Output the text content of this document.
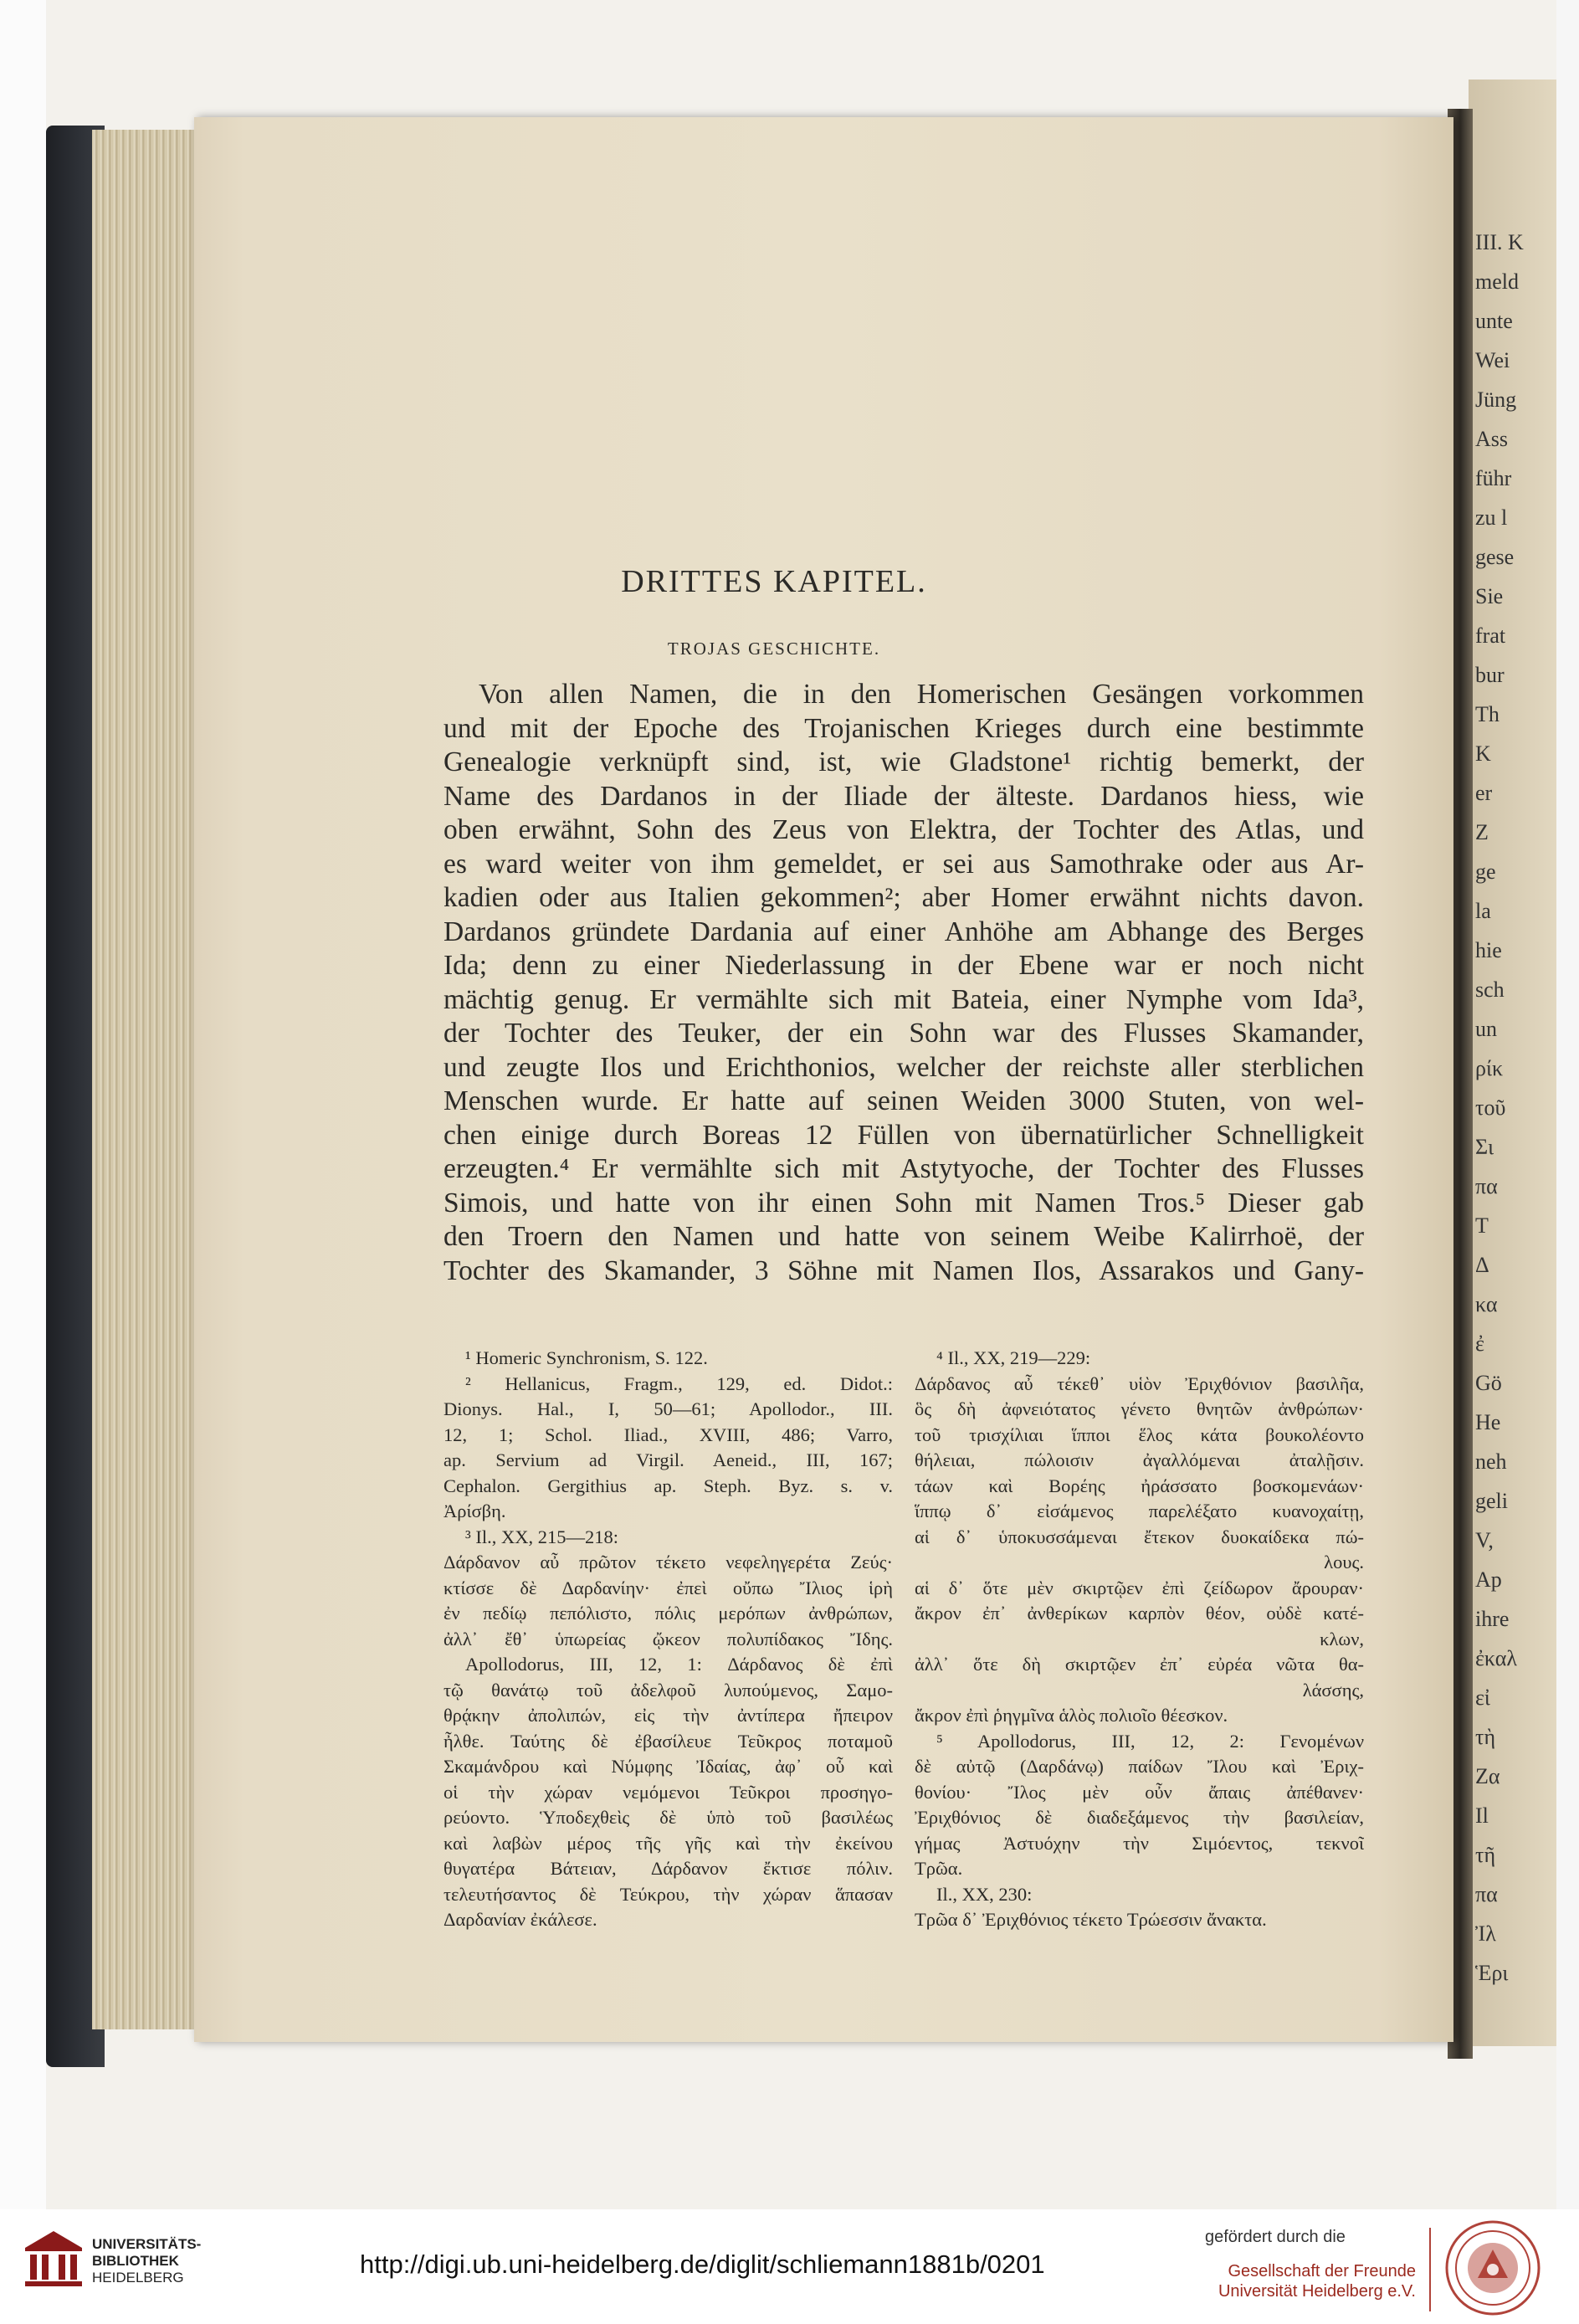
III. K
meld
unte
Wei
Jüng
Ass
führ
zu l
gese
Sie
frat
bur
Th
K
er
Z
ge
la
hie
sch
un
ρίκ
τοῦ
Σι
πα
Τ
Δ
κα
ἐ
Gö
He
neh
geli
V,
Ap
ihre
ἐκαλ
εἰ
τὴ
Zα
Il
τῆ
πα
Ἰλ
Ἑρι
DRITTES KAPITEL.
TROJAS GESCHICHTE.
Von allen Namen, die in den Homerischen Gesängen vorkommen
und mit der Epoche des Trojanischen Krieges durch eine bestimmte
Genealogie verknüpft sind, ist, wie Gladstone¹ richtig bemerkt, der
Name des Dardanos in der Iliade der älteste. Dardanos hiess, wie
oben erwähnt, Sohn des Zeus von Elektra, der Tochter des Atlas, und
es ward weiter von ihm gemeldet, er sei aus Samothrake oder aus Ar-
kadien oder aus Italien gekommen²; aber Homer erwähnt nichts davon.
Dardanos gründete Dardania auf einer Anhöhe am Abhange des Berges
Ida; denn zu einer Niederlassung in der Ebene war er noch nicht
mächtig genug. Er vermählte sich mit Bateia, einer Nymphe vom Ida³,
der Tochter des Teuker, der ein Sohn war des Flusses Skamander,
und zeugte Ilos und Erichthonios, welcher der reichste aller sterblichen
Menschen wurde. Er hatte auf seinen Weiden 3000 Stuten, von wel-
chen einige durch Boreas 12 Füllen von übernatürlicher Schnelligkeit
erzeugten.⁴ Er vermählte sich mit Astytyoche, der Tochter des Flusses
Simois, und hatte von ihr einen Sohn mit Namen Tros.⁵ Dieser gab
den Troern den Namen und hatte von seinem Weibe Kalirrhoë, der
Tochter des Skamander, 3 Söhne mit Namen Ilos, Assarakos und Gany-
¹ Homeric Synchronism, S. 122.
² Hellanicus, Fragm., 129, ed. Didot.:
Dionys. Hal., I, 50—61; Apollodor., III.
12, 1; Schol. Iliad., XVIII, 486; Varro,
ap. Servium ad Virgil. Aeneid., III, 167;
Cephalon. Gergithius ap. Steph. Byz. s. v.
Ἀρίσβη.
³ Il., XX, 215—218:
Δάρδανον αὖ πρῶτον τέκετο νεφεληγερέτα Ζεύς·
κτίσσε δὲ Δαρδανίην· ἐπεὶ οὔπω Ἴλιος ἱρὴ
ἐν πεδίῳ πεπόλιστο, πόλις μερόπων ἀνθρώπων,
ἀλλ᾽ ἔθ᾽ ὑπωρείας ᾤκεον πολυπίδακος Ἴδης.
Apollodorus, III, 12, 1: Δάρδανος δὲ ἐπὶ
τῷ θανάτῳ τοῦ ἀδελφοῦ λυπούμενος, Σαμο-
θρᾴκην ἀπολιπών, εἰς τὴν ἀντίπερα ἤπειρον
ἦλθε. Ταύτης δὲ ἐβασίλευε Τεῦκρος ποταμοῦ
Σκαμάνδρου καὶ Νύμφης Ἰδαίας, ἀφ᾽ οὗ καὶ
οἱ τὴν χώραν νεμόμενοι Τεῦκροι προσηγο-
ρεύοντο. Ὑποδεχθεὶς δὲ ὑπὸ τοῦ βασιλέως
καὶ λαβὼν μέρος τῆς γῆς καὶ τὴν ἐκείνου
θυγατέρα Βάτειαν, Δάρδανον ἔκτισε πόλιν.
τελευτήσαντος δὲ Τεύκρου, τὴν χώραν ἅπασαν
Δαρδανίαν ἐκάλεσε.
⁴ Il., XX, 219—229:
Δάρδανος αὖ τέκεθ᾽ υἱὸν Ἐριχθόνιον βασιλῆα,
ὃς δὴ ἀφνειότατος γένετο θνητῶν ἀνθρώπων·
τοῦ τρισχίλιαι ἵπποι ἕλος κάτα βουκολέοντο
θήλειαι, πώλοισιν ἀγαλλόμεναι ἀταλῇσιν.
τάων καὶ Βορέης ἠράσσατο βοσκομενάων·
ἵππῳ δ᾽ εἰσάμενος παρελέξατο κυανοχαίτῃ,
αἱ δ᾽ ὑποκυσσάμεναι ἔτεκον δυοκαίδεκα πώ-
λους.
αἱ δ᾽ ὅτε μὲν σκιρτῷεν ἐπὶ ζείδωρον ἄρουραν·
ἄκρον ἐπ᾽ ἀνθερίκων καρπὸν θέον, οὐδὲ κατέ-
κλων,
ἀλλ᾽ ὅτε δὴ σκιρτῷεν ἐπ᾽ εὐρέα νῶτα θα-
λάσσης,
ἄκρον ἐπὶ ῥηγμῖνα ἁλὸς πολιοῖο θέεσκον.
⁵ Apollodorus, III, 12, 2: Γενομένων
δὲ αὐτῷ (Δαρδάνῳ) παίδων Ἴλου καὶ Ἐριχ-
θονίου· Ἴλος μὲν οὖν ἄπαις ἀπέθανεν·
Ἐριχθόνιος δὲ διαδεξάμενος τὴν βασιλείαν,
γήμας Ἀστυόχην τὴν Σιμόεντος, τεκνοῖ
Τρῶα.
Il., XX, 230:
Τρῶα δ᾽ Ἐριχθόνιος τέκετο Τρώεσσιν ἄνακτα.
UNIVERSITÄTS-
BIBLIOTHEK
HEIDELBERG	http://digi.ub.uni-heidelberg.de/diglit/schliemann1881b/0201
gefördert durch die
Gesellschaft der Freunde
Universität Heidelberg e.V.
